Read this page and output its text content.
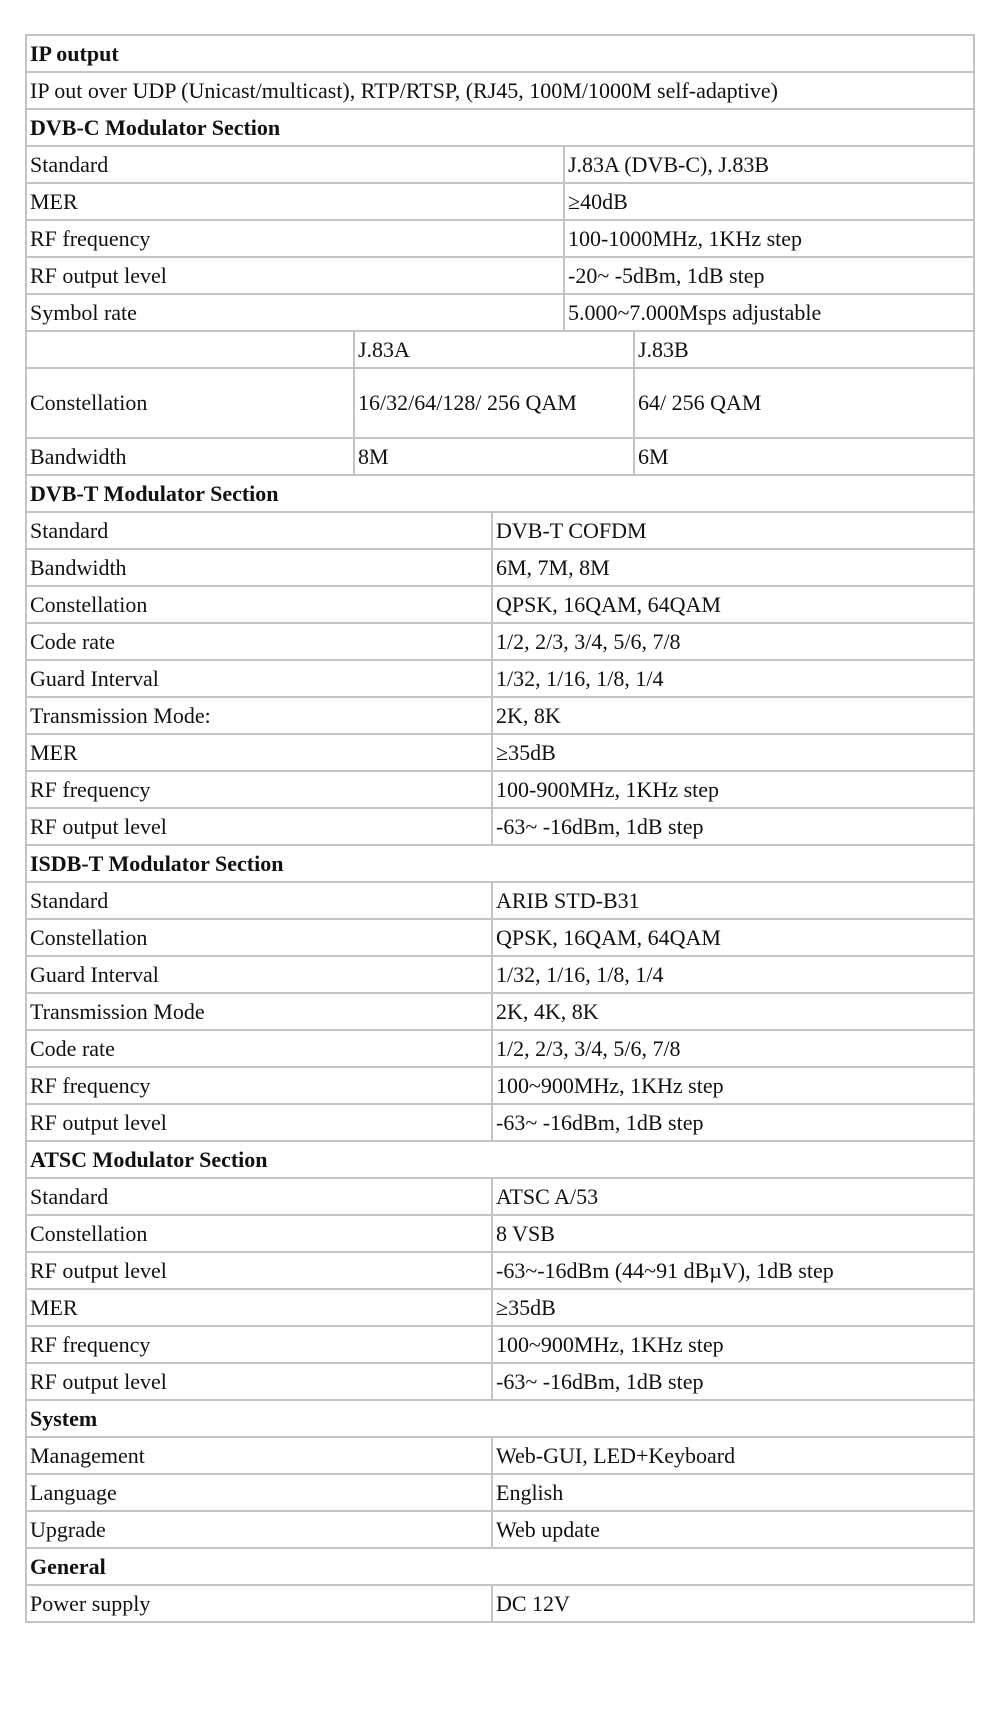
IP output				
IP out over UDP (Unicast/multicast), RTP/RTSP, (RJ45, 100M/1000M self-adaptive)				
DVB-C Modulator Section				
Standard			J.83A (DVB-C), J.83B	
MER			≥40dB	
RF frequency			100-1000MHz, 1KHz step	
RF output level			-20~ -5dBm, 1dB step	
Symbol rate			5.000~7.000Msps adjustable	
	J.83A			J.83B
Constellation	16/32/64/128/ 256 QAM			64/ 256 QAM
Bandwidth	8M			6M
DVB-T Modulator Section				
Standard		DVB-T COFDM		
Bandwidth		6M, 7M, 8M		
Constellation		QPSK, 16QAM, 64QAM		
Code rate		1/2, 2/3, 3/4, 5/6, 7/8		
Guard Interval		1/32, 1/16, 1/8, 1/4		
Transmission Mode:		2K, 8K		
MER		≥35dB		
RF frequency		100-900MHz, 1KHz step		
RF output level		-63~ -16dBm, 1dB step		
ISDB-T Modulator Section				
Standard		ARIB STD-B31		
Constellation		QPSK, 16QAM, 64QAM		
Guard Interval		1/32, 1/16, 1/8, 1/4		
Transmission Mode		2K, 4K, 8K		
Code rate		1/2, 2/3, 3/4, 5/6, 7/8		
RF frequency		100~900MHz, 1KHz step		
RF output level		-63~ -16dBm, 1dB step		
ATSC Modulator Section				
Standard		ATSC A/53		
Constellation		8 VSB		
RF output level		-63~-16dBm (44~91 dBµV), 1dB step		
MER		≥35dB		
RF frequency		100~900MHz, 1KHz step		
RF output level		-63~ -16dBm, 1dB step		
System				
Management		Web-GUI, LED+Keyboard		
Language		English		
Upgrade		Web update		
General				
Power supply		DC 12V		
